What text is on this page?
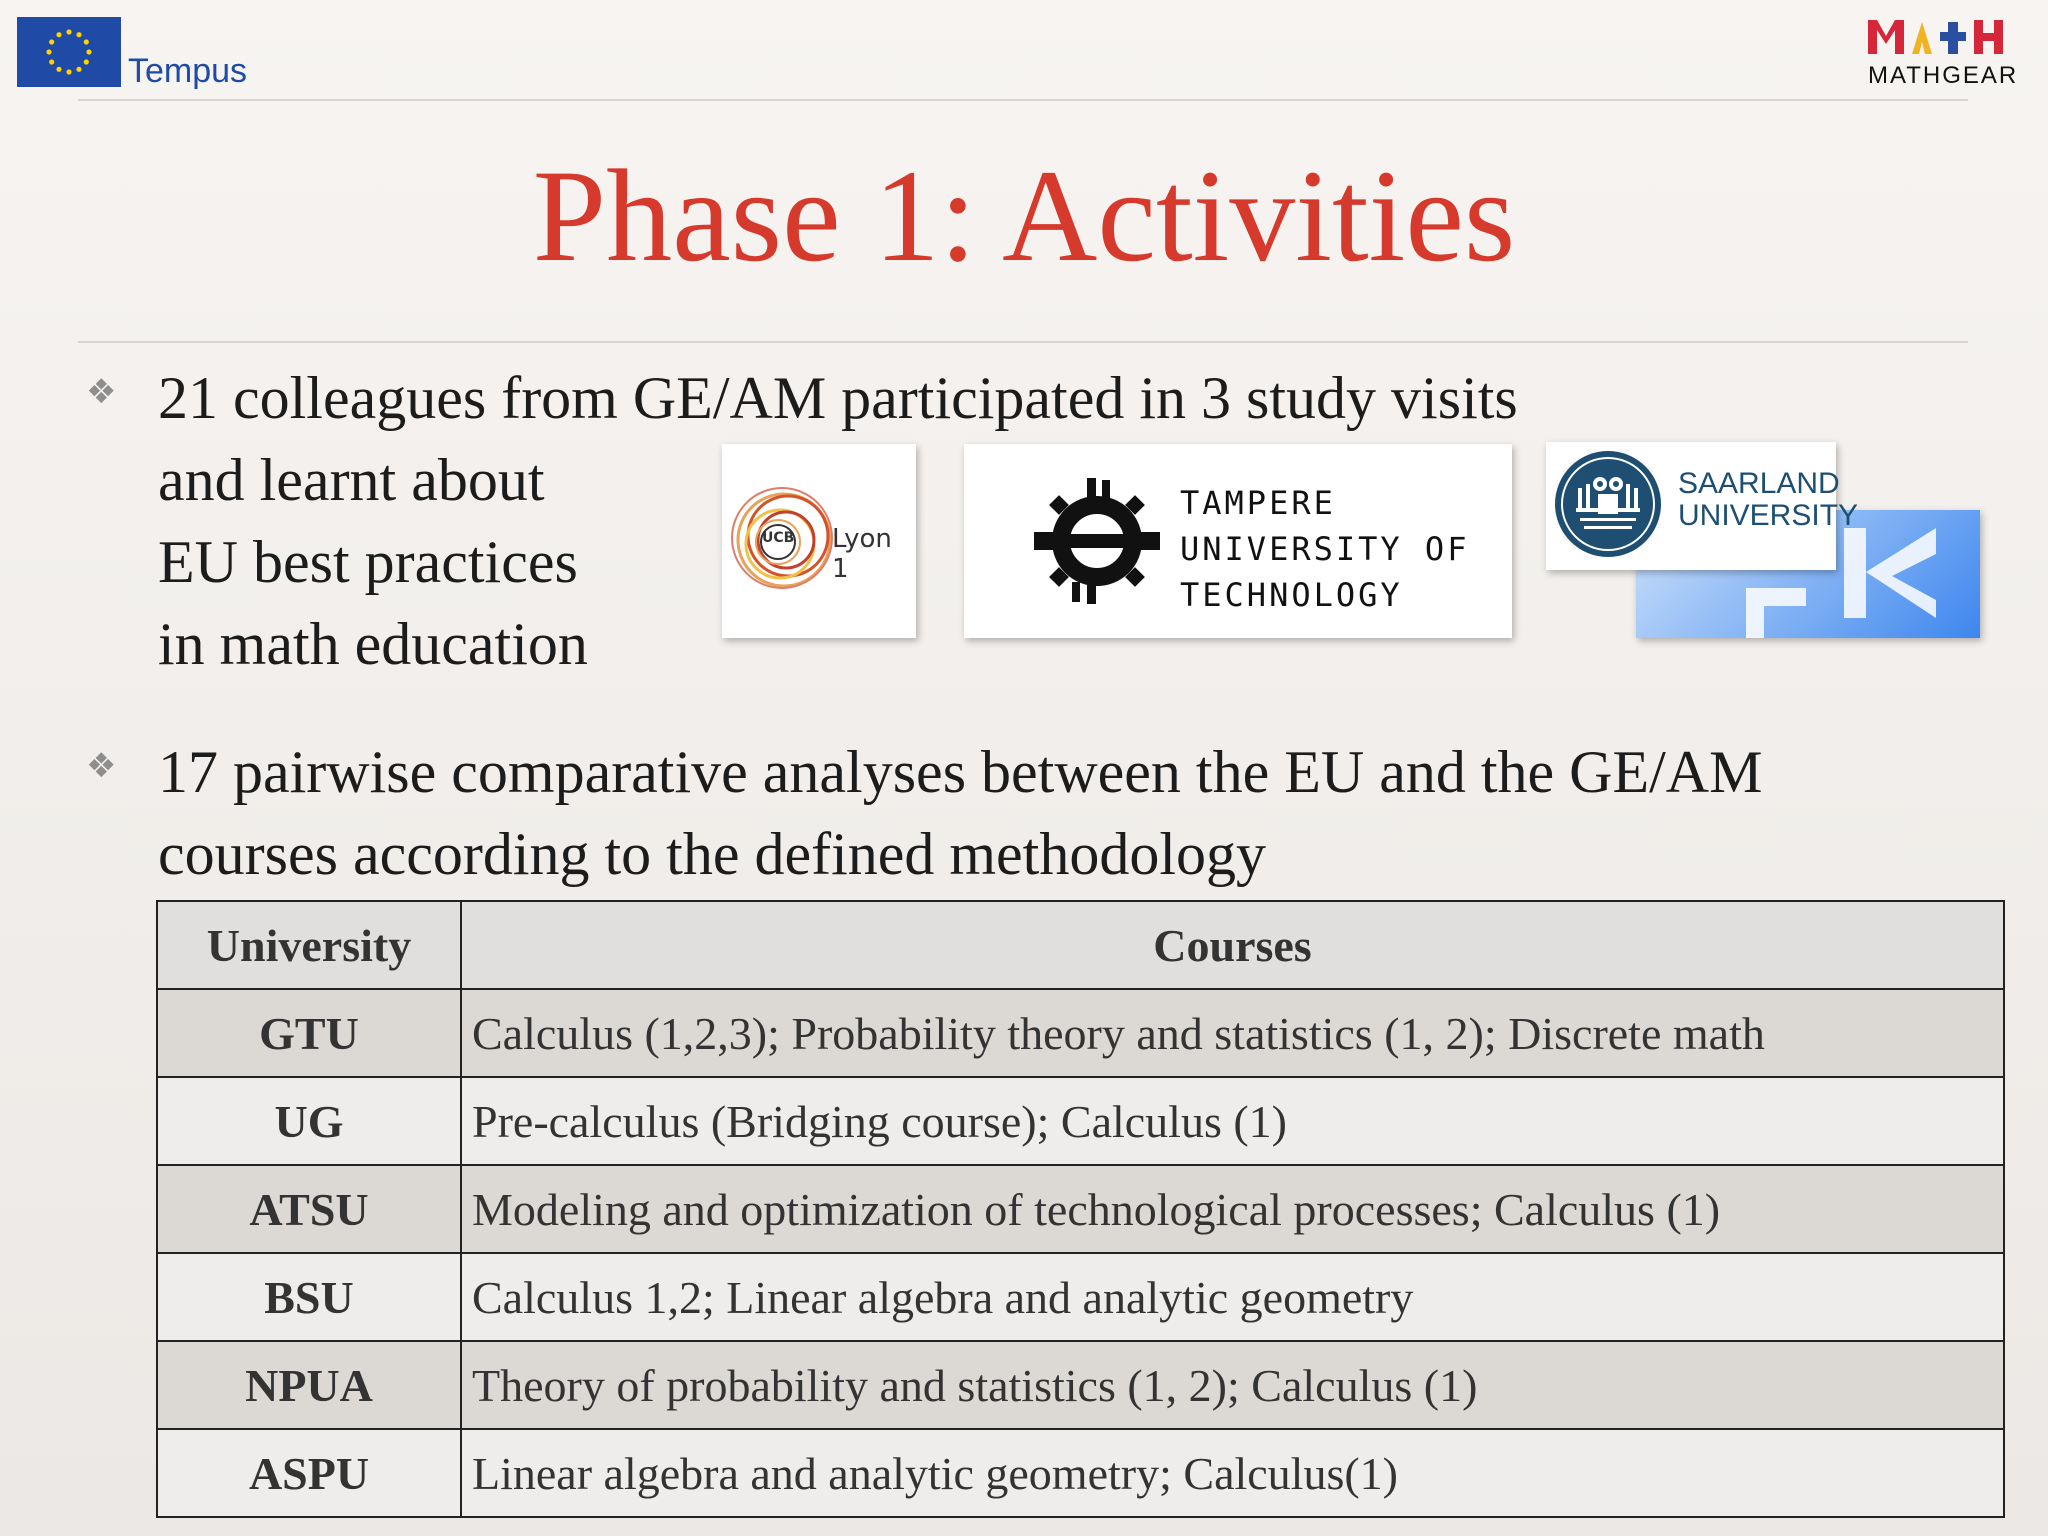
Tempus	MATHGEAR
Phase 1: Activities
❖ 21 colleagues from GE/AM participated in 3 study visits
and learnt about
EU best practices
in math education
UCB Lyon 1
TAMPERE
UNIVERSITY OF
TECHNOLOGY
SAARLAND
UNIVERSITY
❖ 17 pairwise comparative analyses between the EU and the GE/AM courses according to the defined methodology
University	Courses
GTU	Calculus (1,2,3); Probability theory and statistics (1, 2); Discrete math
UG	Pre-calculus (Bridging course); Calculus (1)
ATSU	Modeling and optimization of technological processes; Calculus (1)
BSU	Calculus 1,2; Linear algebra and analytic geometry
NPUA	Theory of probability and statistics (1, 2); Calculus (1)
ASPU	Linear algebra and analytic geometry; Calculus(1)
